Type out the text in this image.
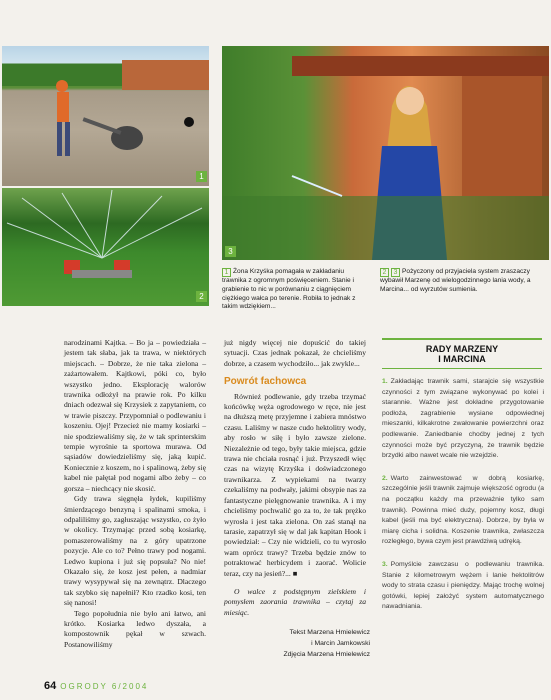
1
2
3
1 Żona Krzyśka pomagała w zakładaniu trawnika z ogromnym poświęceniem. Stanie i grabienie to nic w porównaniu z ciągnięciem ciężkiego wałca po terenie. Robiła to jednak z takim wdziękiem...
2 3 Pożyczony od przyjaciela system zraszaczy wybawił Marzenę od wielogodzinnego lania wody, a Marcina... od wyrzutów sumienia.

narodzinami Kajtka. – Bo ja – powiedziała – jestem tak słaba, jak ta trawa, w niektórych miejscach. – Dobrze, że nie taka zielona – zażartowałem. Kajtkowi, póki co, było wszystko jedno. Eksplorację walorów trawnika odłożył na prawie rok. Po kilku dniach odezwał się Krzysiek z zapytaniem, co w trawie piszczy. Przypomniał o podlewaniu i koszeniu. Ojej! Przecież nie mamy kosiarki – nie spodziewaliśmy się, że w tak sprinterskim tempie wyrośnie ta sportowa murawa. Od sąsiadów dowiedzieliśmy się, jaką kupić. Koniecznie z koszem, no i spalinową, żeby się kabel nie pałętał pod nogami albo żeby – co gorsza – niechcący nie skosić.

Gdy trawa sięgnęła łydek, kupiliśmy śmierdzącego benzyną i spalinami smoka, i odpaliliśmy go, zagłuszając wszystko, co żyło w okolicy. Trzymając przed sobą kosiarkę, pomaszerowaliśmy na z góry upatrzone pozycje. Ale co to? Pełno trawy pod nogami. Ledwo kupiona i już się popsuła? No nie! Okazało się, że kosz jest pełen, a nadmiar trawy wysypywał się na zewnątrz. Dlaczego tak szybko się napełnił? Kto rzadko kosi, ten się nanosi!

Tego popołudnia nie było ani łatwo, ani krótko. Kosiarka ledwo dyszała, a kompostownik pękał w szwach. Postanowiliśmy

już nigdy więcej nie dopuścić do takiej sytuacji. Czas jednak pokazał, że chcieliśmy dobrze, a czasem wychodziło... jak zwykle...

Powrót fachowca

Również podlewanie, gdy trzeba trzymać końcówkę węża ogrodowego w ręce, nie jest na dłuższą metę przyjemne i zabiera mnóstwo czasu. Laliśmy w nasze cudo hektolitry wody, aby rosło w siłę i było zawsze zielone. Niezależnie od tego, były takie miejsca, gdzie trawa nie chciała rosnąć i już. Przyszedł więc czas na wizytę Krzyśka i doświadczonego trawnikarza. Z wypiekami na twarzy czekaliśmy na podwały, jakimi obsypie nas za fantastyczne pielęgnowanie trawnika. A i my chcieliśmy pochwalić go za to, że tak prężko wyrosła i jest taka zielona. On zaś stanął na tarasie, zapatrzył się w dal jak kapitan Hook i powiedział: – Czy nie widzieli, co tu wyrosło wam oprócz trawy? Trzeba będzie znów to potraktować herbicydem i zaorać. Wolicie teraz, czy na jesień?... ■

O walce z podstępnym zielskiem i pomysłem zaorania trawnika – czytaj za miesiąc.

Tekst Marzena Hmielewicz
i Marcin Jamkowski
Zdjęcia Marzena Hmielewicz
RADY MARZENY
I MARCINA
1. Zakładając trawnik sami, starajcie się wszystkie czynności z tym związane wykonywać po kolei i starannie. Ważne jest dokładne przygotowanie podłoża, zagrabienie wysiane odpowiednej mieszanki, kilkakrotne zwałowanie powierzchni oraz podlewanie. Zaniedbanie choćby jednej z tych czynności może być przyczyną, że trawnik będzie brzydki albo nawet wcale nie wzejdzie.
2. Warto zainwestować w dobrą kosiarkę, szczególnie jeśli trawnik zajmuje większość ogrodu (a na początku każdy ma przeważnie tylko sam trawnik). Powinna mieć duży, pojemny kosz, długi kabel (jeśli ma być elektryczna). Dobrze, by była w miarę cicha i solidna. Koszenie trawnika, zwłaszcza rozległego, bywa czym jest prawdziwą udręką.
3. Pomyślcie zawczasu o podlewaniu trawnika. Stanie z kilometrowym wężem i lanie hektolitrów wody to strata czasu i pieniędzy. Mając trochę wolnej gotówki, lepiej założyć system automatycznego nawadniania.
64 OGRODY 6/2004
